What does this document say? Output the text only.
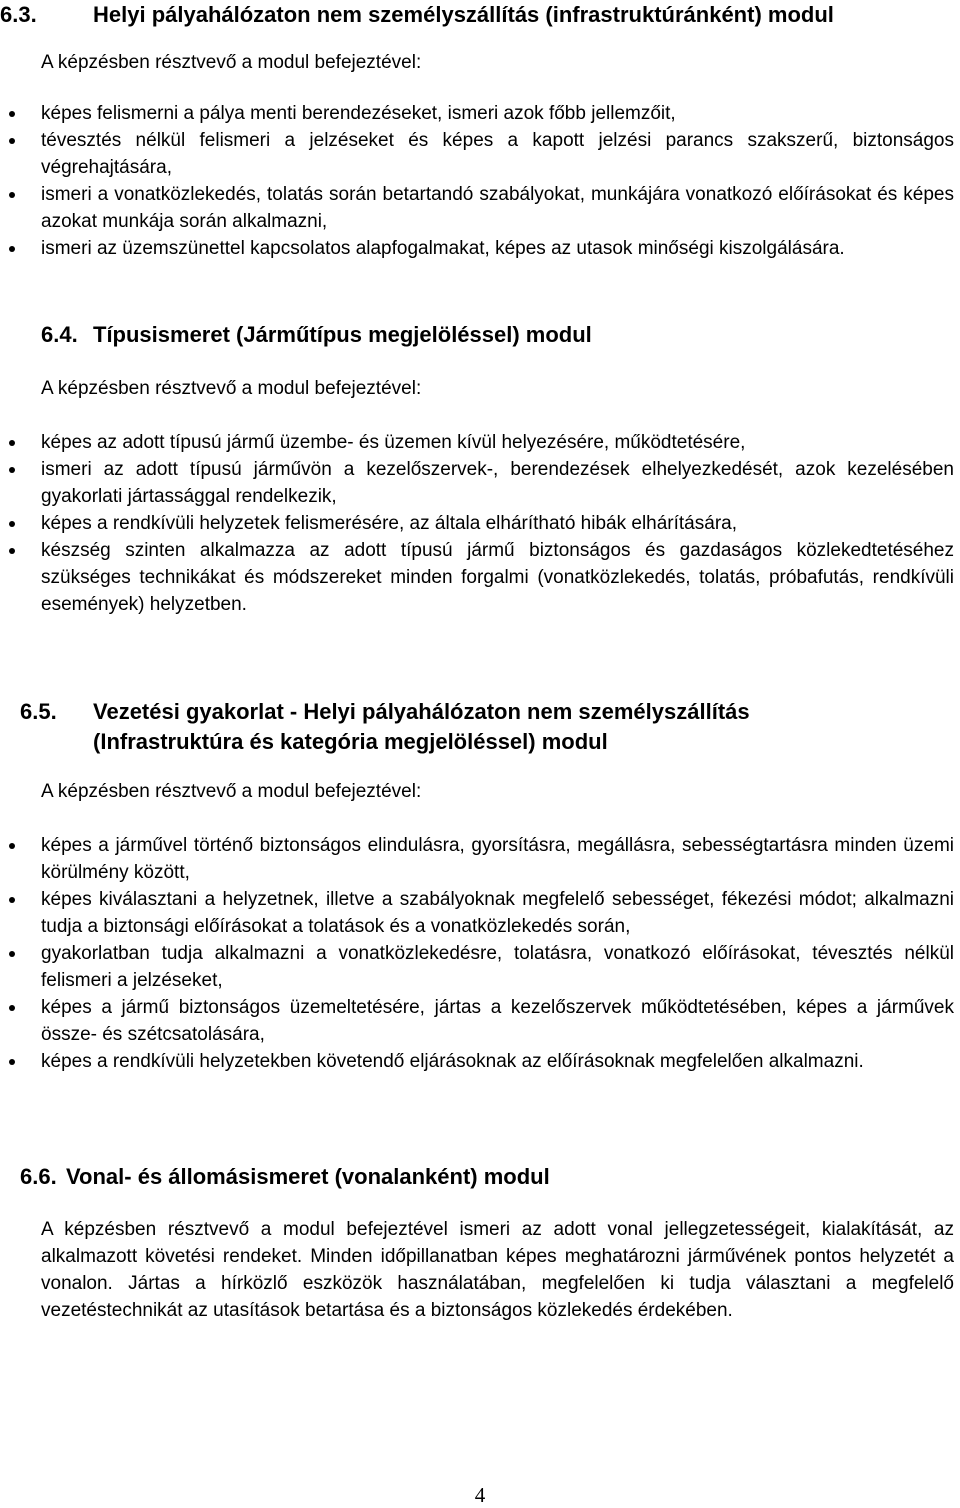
6.3.	Helyi pályahálózaton nem személyszállítás (infrastruktúránként) modul
A képzésben résztvevő a modul befejeztével:
képes felismerni a pálya menti berendezéseket, ismeri azok főbb jellemzőit,
tévesztés nélkül felismeri a jelzéseket és képes a kapott jelzési parancs szakszerű, biztonságos végrehajtására,
ismeri a vonatközlekedés, tolatás során betartandó szabályokat, munkájára vonatkozó előírásokat és képes azokat munkája során alkalmazni,
ismeri az üzemszünettel kapcsolatos alapfogalmakat, képes az utasok minőségi kiszolgálására.
6.4. Típusismeret (Járműtípus megjelöléssel) modul
A képzésben résztvevő a modul befejeztével:
képes az adott típusú jármű üzembe- és üzemen kívül helyezésére, működtetésére,
ismeri az adott típusú járművön a kezelőszervek-, berendezések elhelyezkedését, azok kezelésében gyakorlati jártassággal rendelkezik,
képes a rendkívüli helyzetek felismerésére, az általa elhárítható hibák elhárítására,
készség szinten alkalmazza az adott típusú jármű biztonságos és gazdaságos közlekedtetéséhez szükséges technikákat és módszereket minden forgalmi (vonatközlekedés, tolatás, próbafutás, rendkívüli események) helyzetben.
6.5. Vezetési gyakorlat - Helyi pályahálózaton nem személyszállítás (Infrastruktúra és kategória megjelöléssel) modul
A képzésben résztvevő a modul befejeztével:
képes a járművel történő biztonságos elindulásra, gyorsításra, megállásra, sebességtartásra minden üzemi körülmény között,
képes kiválasztani a helyzetnek, illetve a szabályoknak megfelelő sebességet, fékezési módot; alkalmazni tudja a biztonsági előírásokat a tolatások és a vonatközlekedés során,
gyakorlatban tudja alkalmazni a vonatközlekedésre, tolatásra, vonatkozó előírásokat, tévesztés nélkül felismeri a jelzéseket,
képes a jármű biztonságos üzemeltetésére, jártas a kezelőszervek működtetésében, képes a járművek össze- és szétcsatolására,
képes a rendkívüli helyzetekben követendő eljárásoknak az előírásoknak megfelelően alkalmazni.
6.6. Vonal- és állomásismeret (vonalanként) modul
A képzésben résztvevő a modul befejeztével ismeri az adott vonal jellegzetességeit, kialakítását, az alkalmazott követési rendeket. Minden időpillanatban képes meghatározni járművének pontos helyzetét a vonalon. Jártas a hírközlő eszközök használatában, megfelelően ki tudja választani a megfelelő vezetéstechnikát az utasítások betartása és a biztonságos közlekedés érdekében.
4
